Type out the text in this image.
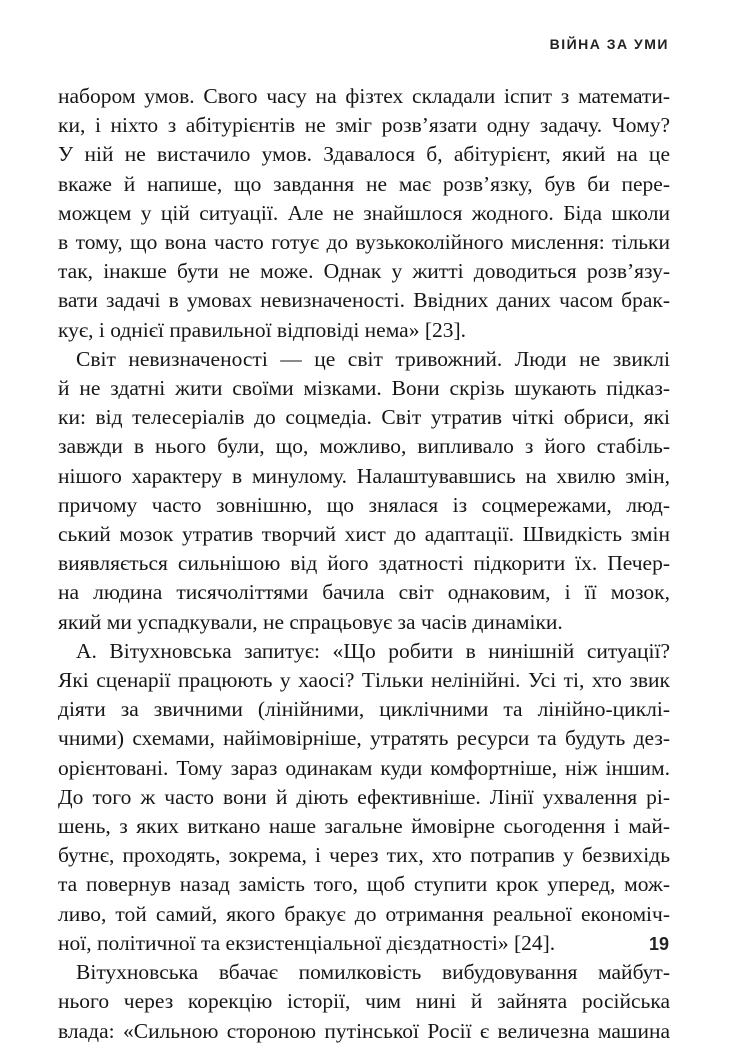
ВІЙНА ЗА УМИ
набором умов. Свого часу на фізтех складали іспит з математи-
ки, і ніхто з абітурієнтів не зміг розв’язати одну задачу. Чому?
У ній не вистачило умов. Здавалося б, абітурієнт, який на це
вкаже й напише, що завдання не має розв’язку, був би пере-
можцем у цій ситуації. Але не знайшлося жодного. Біда школи
в тому, що вона часто готує до вузькоколійного мислення: тільки
так, інакше бути не може. Однак у житті доводиться розв’язу-
вати задачі в умовах невизначеності. Ввідних даних часом брак-
кує, і однієї правильної відповіді нема» [23].
Світ невизначеності — це світ тривожний. Люди не звиклі
й не здатні жити своїми мізками. Вони скрізь шукають підказ-
ки: від телесеріалів до соцмедіа. Світ утратив чіткі обриси, які
завжди в нього були, що, можливо, випливало з його стабіль-
нішого характеру в минулому. Налаштувавшись на хвилю змін,
причому часто зовнішню, що знялася із соцмережами, люд-
ський мозок утратив творчий хист до адаптації. Швидкість змін
виявляється сильнішою від його здатності підкорити їх. Печер-
на людина тисячоліттями бачила світ однаковим, і її мозок,
який ми успадкували, не спрацьовує за часів динаміки.
А. Вітухновська запитує: «Що робити в нинішній ситуації?
Які сценарії працюють у хаосі? Тільки нелінійні. Усі ті, хто звик
діяти за звичними (лінійними, циклічними та лінійно-циклі-
чними) схемами, найімовірніше, утратять ресурси та будуть дез-
орієнтовані. Тому зараз одинакам куди комфортніше, ніж іншим.
До того ж часто вони й діють ефективніше. Лінії ухвалення рі-
шень, з яких виткано наше загальне ймовірне сьогодення і май-
бутнє, проходять, зокрема, і через тих, хто потрапив у безвихідь
та повернув назад замість того, щоб ступити крок уперед, мож-
ливо, той самий, якого бракує до отримання реальної економіч-
ної, політичної та екзистенціальної дієздатності» [24].
Вітухновська вбачає помилковість вибудовування майбут-
нього через корекцію історії, чим нині й зайнята російська
влада: «Сильною стороною путінської Росії є величезна машина
19
